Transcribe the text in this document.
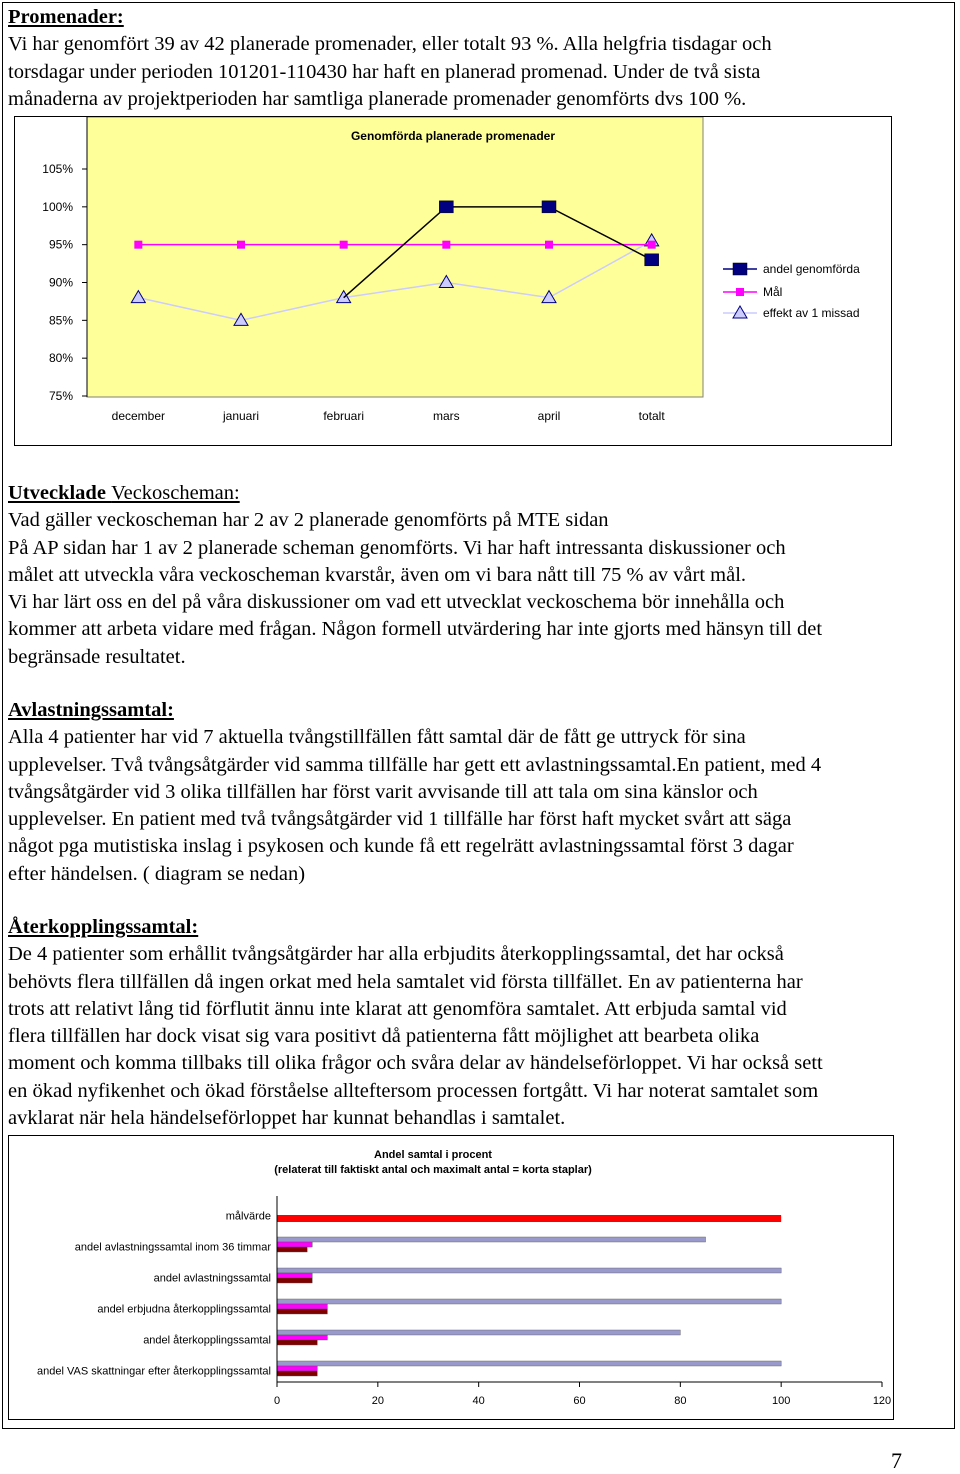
Promenader:

Vi har genomfört 39 av 42 planerade promenader, eller totalt 93 %. Alla helgfria tisdagar och

torsdagar under perioden 101201-110430 har haft en planerad promenad. Under de två sista

månaderna av projektperioden har samtliga planerade promenader genomförts dvs 100 %.

Genomförda planerade promenader
75%
80%
85%
90%
95%
100%
105%
december	januari	februari	mars	april	totalt
andel genomförda
Mål
effekt av 1 missad

Utvecklade Veckoscheman:

Vad gäller veckoscheman har 2 av 2 planerade genomförts på MTE sidan

På AP sidan har 1 av 2 planerade scheman genomförts. Vi har haft intressanta diskussioner och

målet att utveckla våra veckoscheman kvarstår, även om vi bara nått till 75 % av vårt mål.

Vi har lärt oss en del på våra diskussioner om vad ett utvecklat veckoschema bör innehålla och

kommer att arbeta vidare med frågan. Någon formell utvärdering har inte gjorts med hänsyn till det

begränsade resultatet.

Avlastningssamtal:

Alla 4 patienter har vid 7 aktuella tvångstillfällen fått samtal där de fått ge uttryck för sina

upplevelser. Två tvångsåtgärder vid samma tillfälle har gett ett avlastningssamtal.En patient, med 4

tvångsåtgärder vid 3 olika tillfällen har först varit avvisande till att tala om sina känslor och

upplevelser. En patient med två tvångsåtgärder vid 1 tillfälle har först haft mycket svårt att säga

något pga mutistiska inslag i psykosen och kunde få ett regelrätt avlastningssamtal först 3 dagar

efter händelsen. ( diagram se nedan)

Återkopplingssamtal:

De 4 patienter som erhållit tvångsåtgärder har alla erbjudits återkopplingssamtal, det har också

behövts flera tillfällen då ingen orkat med hela samtalet vid första tillfället. En av patienterna har

trots att relativt lång tid förflutit ännu inte klarat att genomföra samtalet. Att erbjuda samtal vid

flera tillfällen har dock visat sig vara positivt då patienterna fått möjlighet att bearbeta olika

moment och komma tillbaks till olika frågor och svåra delar av händelseförloppet. Vi har också sett

en ökad nyfikenhet och ökad förståelse allteftersom processen fortgått. Vi har noterat samtalet som

avklarat när hela händelseförloppet har kunnat behandlas i samtalet.

Andel samtal i procent
(relaterat till faktiskt antal och maximalt antal = korta staplar)
målvärde
andel avlastningssamtal inom 36 timmar
andel avlastningssamtal
andel erbjudna återkopplingssamtal
andel återkopplingssamtal
andel VAS skattningar efter återkopplingssamtal
0	20	40	60	80	100	120
7
